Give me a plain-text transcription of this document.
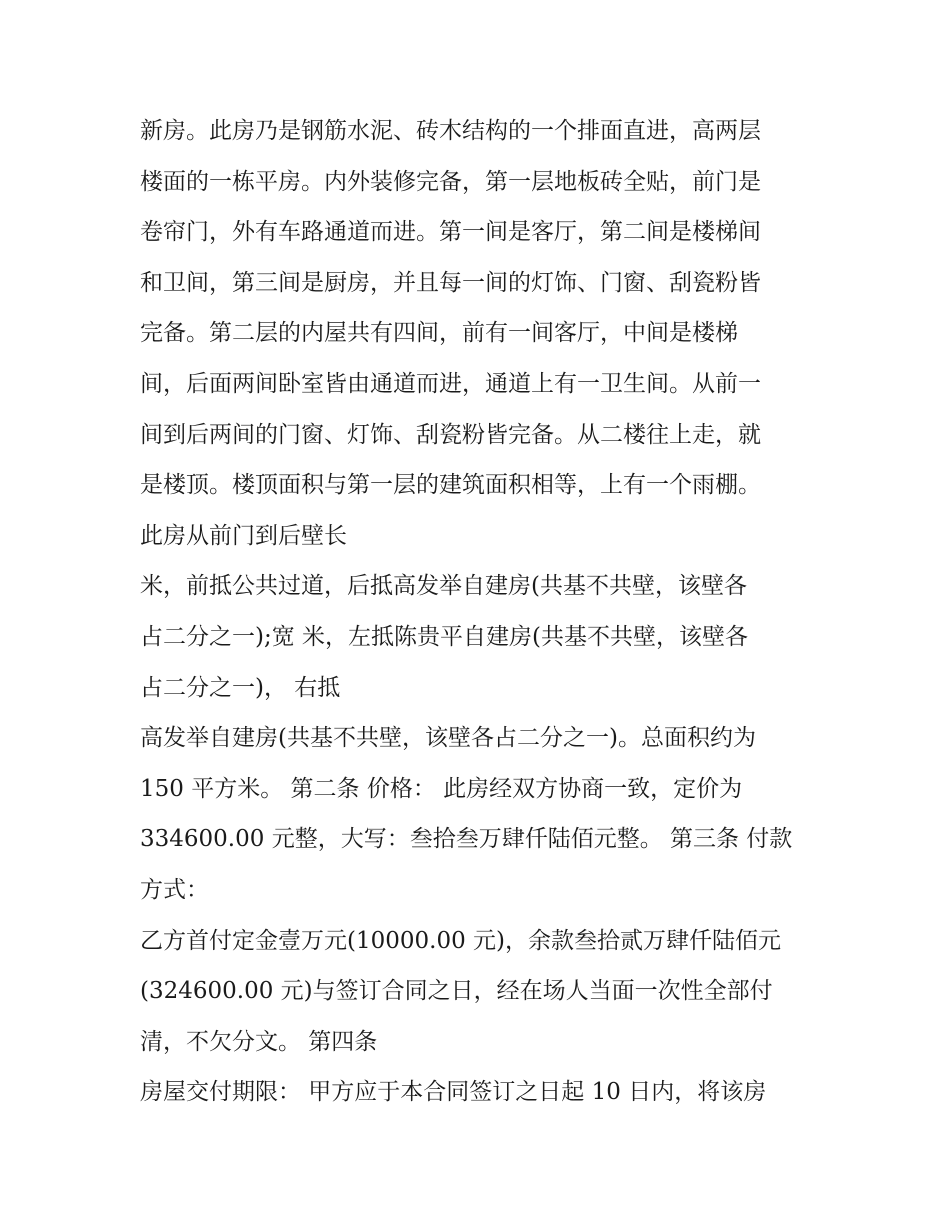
新房。此房乃是钢筋水泥、砖木结构的一个排面直进，高两层
楼面的一栋平房。内外装修完备，第一层地板砖全贴，前门是
卷帘门，外有车路通道而进。第一间是客厅，第二间是楼梯间
和卫间，第三间是厨房，并且每一间的灯饰、门窗、刮瓷粉皆
完备。第二层的内屋共有四间，前有一间客厅，中间是楼梯
间，后面两间卧室皆由通道而进，通道上有一卫生间。从前一
间到后两间的门窗、灯饰、刮瓷粉皆完备。从二楼往上走，就
是楼顶。楼顶面积与第一层的建筑面积相等，上有一个雨棚。
此房从前门到后壁长
米，前抵公共过道，后抵高发举自建房(共基不共壁，该壁各
占二分之一);宽 米，左抵陈贵平自建房(共基不共壁，该壁各
占二分之一)， 右抵
高发举自建房(共基不共壁，该壁各占二分之一)。总面积约为
150 平方米。 第二条 价格： 此房经双方协商一致，定价为
334600.00 元整，大写：叁拾叁万肆仟陆佰元整。 第三条 付款
方式：
乙方首付定金壹万元(10000.00 元)，余款叁拾贰万肆仟陆佰元
(324600.00 元)与签订合同之日，经在场人当面一次性全部付
清，不欠分文。 第四条
房屋交付期限： 甲方应于本合同签订之日起 10 日内，将该房
